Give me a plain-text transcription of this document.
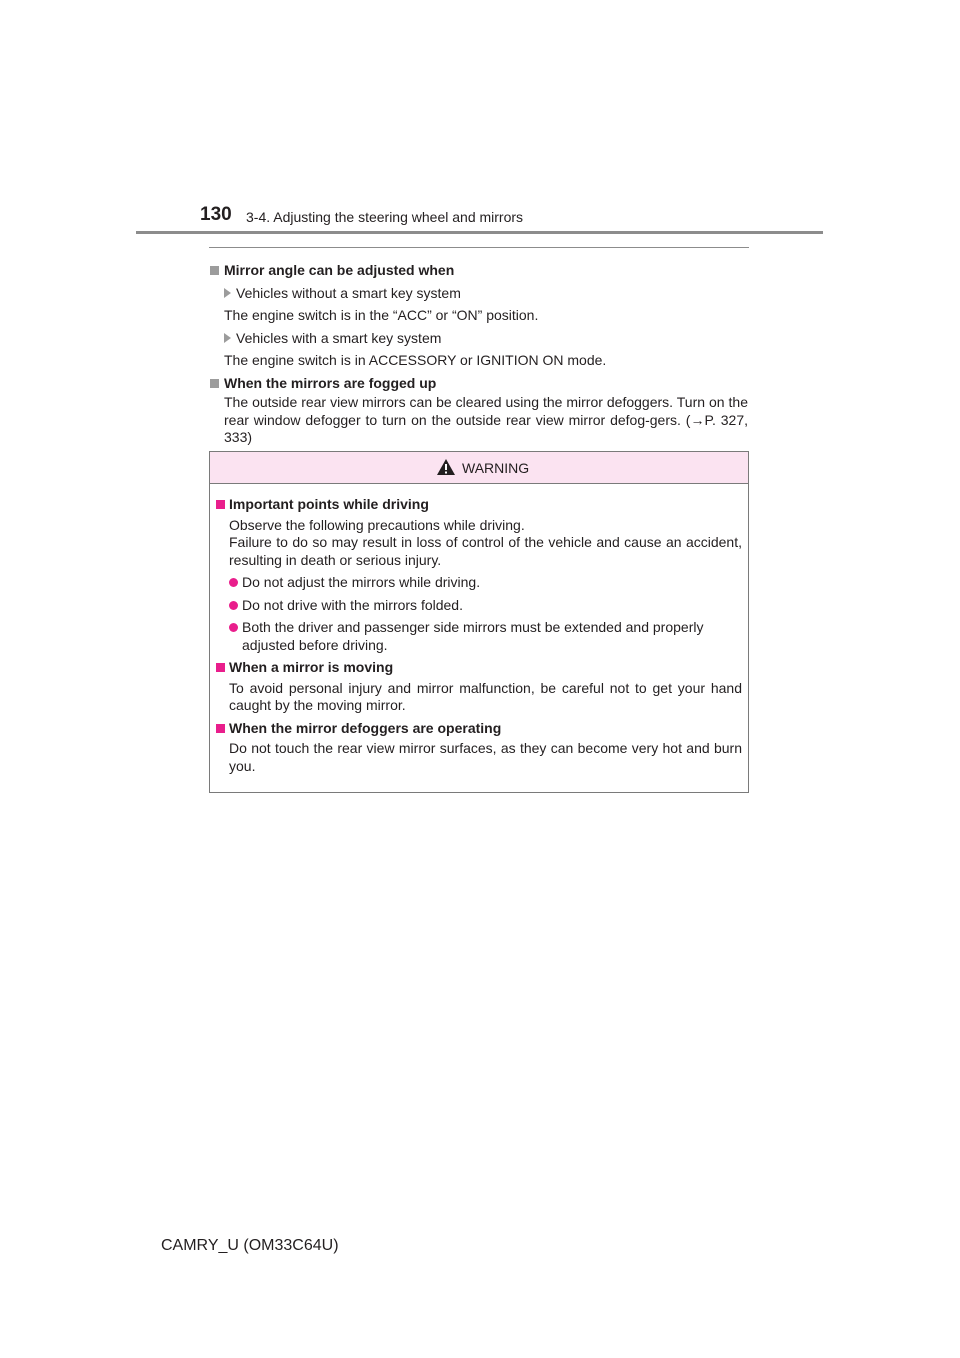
130 3-4. Adjusting the steering wheel and mirrors
Mirror angle can be adjusted when
Vehicles without a smart key system
The engine switch is in the “ACC” or “ON” position.
Vehicles with a smart key system
The engine switch is in ACCESSORY or IGNITION ON mode.
When the mirrors are fogged up
The outside rear view mirrors can be cleared using the mirror defoggers. Turn on the rear window defogger to turn on the outside rear view mirror defog-gers. (→P. 327, 333)
WARNING
Important points while driving
Observe the following precautions while driving.
Failure to do so may result in loss of control of the vehicle and cause an accident, resulting in death or serious injury.
Do not adjust the mirrors while driving.
Do not drive with the mirrors folded.
Both the driver and passenger side mirrors must be extended and properly adjusted before driving.
When a mirror is moving
To avoid personal injury and mirror malfunction, be careful not to get your hand caught by the moving mirror.
When the mirror defoggers are operating
Do not touch the rear view mirror surfaces, as they can become very hot and burn you.
CAMRY_U (OM33C64U)
